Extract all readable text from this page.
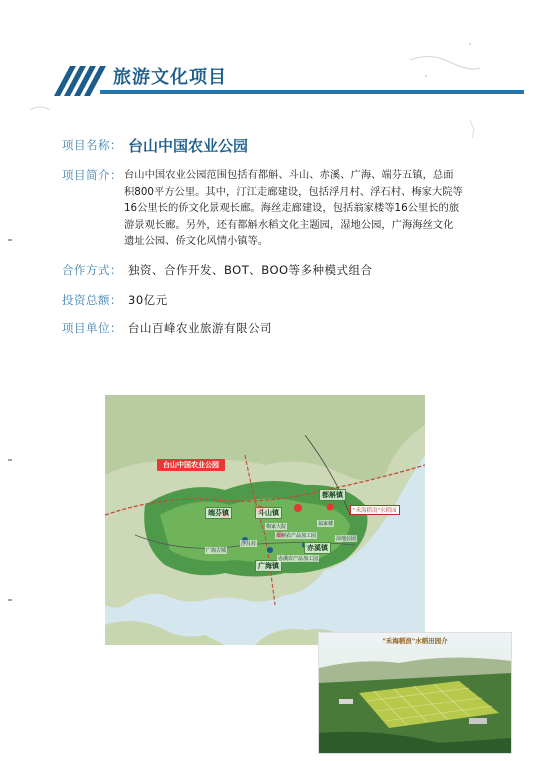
旅游文化项目
项目名称： 台山中国农业公园
项目简介： 台山中国农业公园范围包括有都斛、斗山、赤溪、广海、端芬五镇，总面
积800平方公里。其中，汀江走廊建设，包括浮月村、浮石村、梅家大院等
16公里长的侨文化景观长廊。海丝走廊建设，包括翁家楼等16公里长的旅
游景观长廊。另外，还有都斛水稻文化主题园，湿地公园，广海海丝文化
遗址公园、侨文化风情小镇等。
合作方式： 独资、合作开发、BOT、BOO等多种模式组合
投资总额： 30亿元
项目单位： 台山百峰农业旅游有限公司
台山中国农业公园
都斛镇
斗山镇
端芬镇
赤溪镇
广海镇
"禾海稻浪"水稻园
梅家大院
浮月村
翁家楼
广海古城
都斛农产品加工园	湿地公园
赤溪农产品加工园
"禾海稻浪"水稻田园介
